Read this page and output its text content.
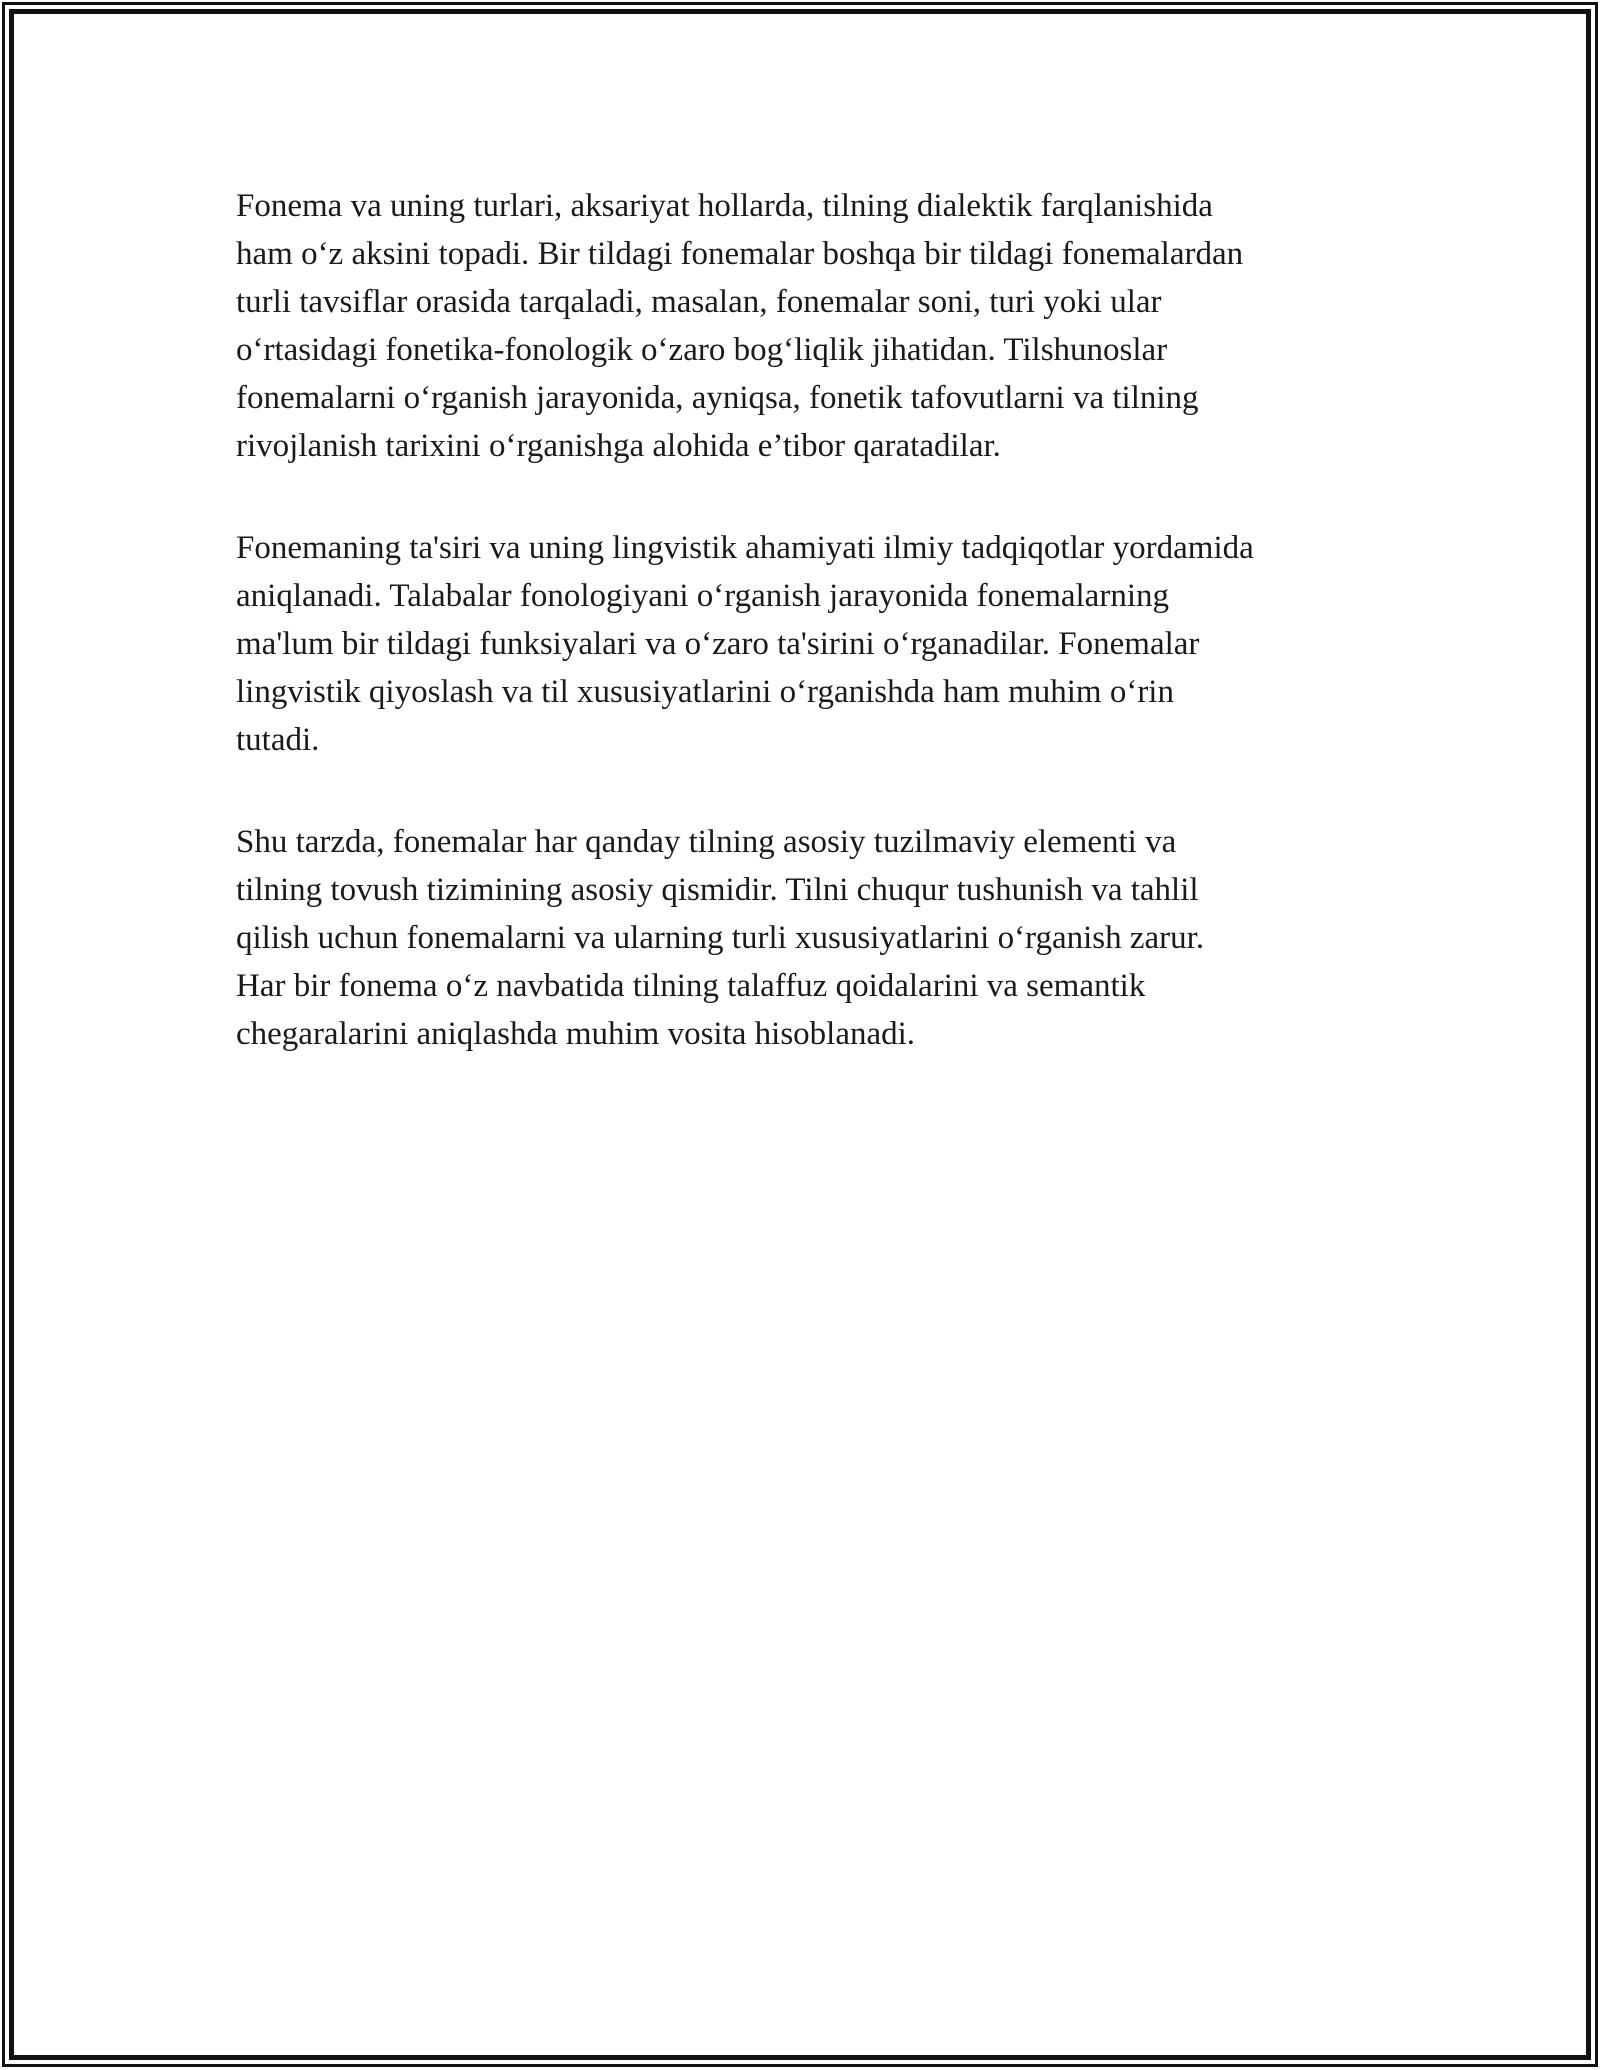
Fonema va uning turlari, aksariyat hollarda, tilning dialektik farqlanishida
ham o‘z aksini topadi. Bir tildagi fonemalar boshqa bir tildagi fonemalardan
turli tavsiflar orasida tarqaladi, masalan, fonemalar soni, turi yoki ular
o‘rtasidagi fonetika-fonologik o‘zaro bog‘liqlik jihatidan. Tilshunoslar
fonemalarni o‘rganish jarayonida, ayniqsa, fonetik tafovutlarni va tilning
rivojlanish tarixini o‘rganishga alohida e’tibor qaratadilar.

Fonemaning ta'siri va uning lingvistik ahamiyati ilmiy tadqiqotlar yordamida
aniqlanadi. Talabalar fonologiyani o‘rganish jarayonida fonemalarning
ma'lum bir tildagi funksiyalari va o‘zaro ta'sirini o‘rganadilar. Fonemalar
lingvistik qiyoslash va til xususiyatlarini o‘rganishda ham muhim o‘rin
tutadi.

Shu tarzda, fonemalar har qanday tilning asosiy tuzilmaviy elementi va
tilning tovush tizimining asosiy qismidir. Tilni chuqur tushunish va tahlil
qilish uchun fonemalarni va ularning turli xususiyatlarini o‘rganish zarur.
Har bir fonema o‘z navbatida tilning talaffuz qoidalarini va semantik
chegaralarini aniqlashda muhim vosita hisoblanadi.
